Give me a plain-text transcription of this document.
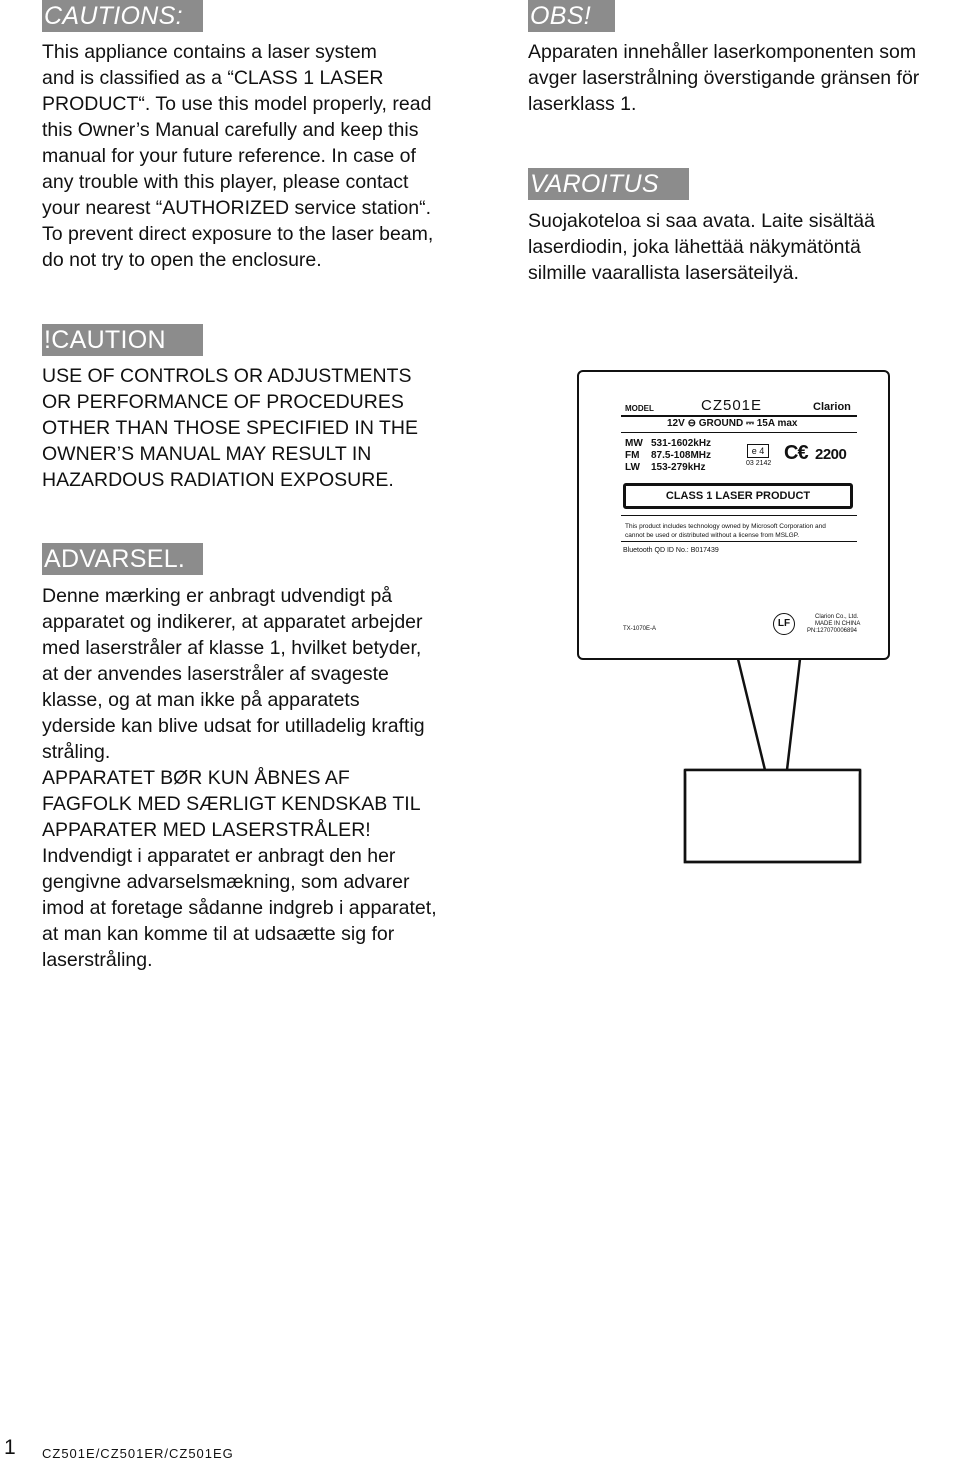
CAUTIONS:
This appliance contains a laser system
and is classified as a “CLASS 1 LASER
PRODUCT“. To use this model properly, read
this Owner’s Manual carefully and keep this
manual for your future reference. In case of
any trouble with this player, please contact
your nearest “AUTHORIZED service station“.
To prevent direct exposure to the laser beam,
do not try to open the enclosure.
OBS!
Apparaten innehåller laserkomponenten som
avger laserstrålning överstigande gränsen för
laserklass 1.
VAROITUS
Suojakoteloa si saa avata. Laite sisältää
laserdiodin, joka lähettää näkymätöntä
silmille vaarallista lasersäteilyä.
!CAUTION
USE OF CONTROLS OR ADJUSTMENTS
OR PERFORMANCE OF PROCEDURES
OTHER THAN THOSE SPECIFIED IN THE
OWNER’S MANUAL MAY RESULT IN
HAZARDOUS RADIATION EXPOSURE.
ADVARSEL.
Denne mærking er anbragt udvendigt på
apparatet og indikerer, at apparatet arbejder
med laserstråler af klasse 1, hvilket betyder,
at der anvendes laserstråler af svageste
klasse, og at man ikke på apparatets
yderside kan blive udsat for utilladelig kraftig
stråling.
APPARATET BØR KUN ÅBNES AF
FAGFOLK MED SÆRLIGT KENDSKAB TIL
APPARATER MED LASERSTRÅLER!
Indvendigt i apparatet er anbragt den her
gengivne advarselsmækning, som advarer
imod at foretage sådanne indgreb i apparatet,
at man kan komme til at udsaætte sig for
laserstråling.
MODEL	CZ501E	Clarion
12V ⊖ GROUND ⎓ 15A max
MW 531-1602kHz
FM 87.5-108MHz
LW 153-279kHz
e 4
03 2142 C€ 2200
CLASS 1 LASER PRODUCT
This product includes technology owned by Microsoft Corporation and
cannot be used or distributed without a license from MSLGP.
Bluetooth QD ID No.: B017439
TX-1070E-A	LF
Clarion Co., Ltd.
MADE IN CHINA
PN:127070006894
1 CZ501E/CZ501ER/CZ501EG
